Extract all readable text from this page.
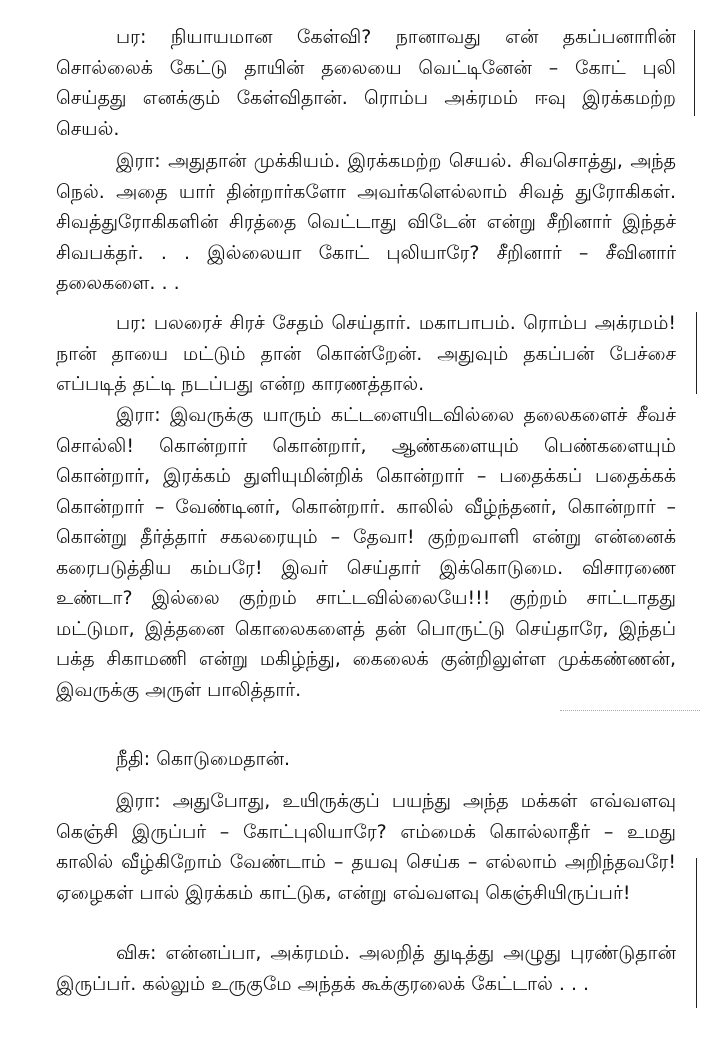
பர: நியாயமான கேள்வி? நானாவது என் தகப்பனாரின் சொல்லைக் கேட்டு தாயின் தலையை வெட்டினேன் – கோட் புலி செய்தது எனக்கும் கேள்விதான். ரொம்ப அக்ரமம் ஈவு இரக்கமற்ற செயல்.
இரா: அதுதான் முக்கியம். இரக்கமற்ற செயல். சிவசொத்து, அந்த நெல். அதை யார் தின்றார்களோ அவர்களெல்லாம் சிவத் துரோகிகள். சிவத்துரோகிகளின் சிரத்தை வெட்டாது விடேன் என்று சீறினார் இந்தச் சிவபக்தர். . . இல்லையா கோட் புலியாரே? சீறினார் – சீவினார் தலைகளை. . .
பர: பலரைச் சிரச் சேதம் செய்தார். மகாபாபம். ரொம்ப அக்ரமம்! நான் தாயை மட்டும் தான் கொன்றேன். அதுவும் தகப்பன் பேச்சை எப்படித் தட்டி நடப்பது என்ற காரணத்தால்.
இரா: இவருக்கு யாரும் கட்டளையிடவில்லை தலைகளைச் சீவச் சொல்லி! கொன்றார் கொன்றார், ஆண்களையும் பெண்களையும் கொன்றார், இரக்கம் துளியுமின்றிக் கொன்றார் – பதைக்கப் பதைக்கக் கொன்றார் – வேண்டினர், கொன்றார். காலில் வீழ்ந்தனர், கொன்றார் – கொன்று தீர்த்தார் சகலரையும் – தேவா! குற்றவாளி என்று என்னைக் கரைபடுத்திய கம்பரே! இவர் செய்தார் இக்கொடுமை. விசாரணை உண்டா? இல்லை குற்றம் சாட்டவில்லையே!!! குற்றம் சாட்டாதது மட்டுமா, இத்தனை கொலைகளைத் தன் பொருட்டு செய்தாரே, இந்தப் பக்த சிகாமணி என்று மகிழ்ந்து, கைலைக் குன்றிலுள்ள முக்கண்ணன், இவருக்கு அருள் பாலித்தார்.
நீதி: கொடுமைதான்.
இரா: அதுபோது, உயிருக்குப் பயந்து அந்த மக்கள் எவ்வளவு கெஞ்சி இருப்பர் – கோட்புலியாரே? எம்மைக் கொல்லாதீர் – உமது காலில் வீழ்கிறோம் வேண்டாம் – தயவு செய்க – எல்லாம் அறிந்தவரே! ஏழைகள் பால் இரக்கம் காட்டுக, என்று எவ்வளவு கெஞ்சியிருப்பர்!
விசு: என்னப்பா, அக்ரமம். அலறித் துடித்து அழுது புரண்டுதான் இருப்பர். கல்லும் உருகுமே அந்தக் கூக்குரலைக் கேட்டால் . . .
